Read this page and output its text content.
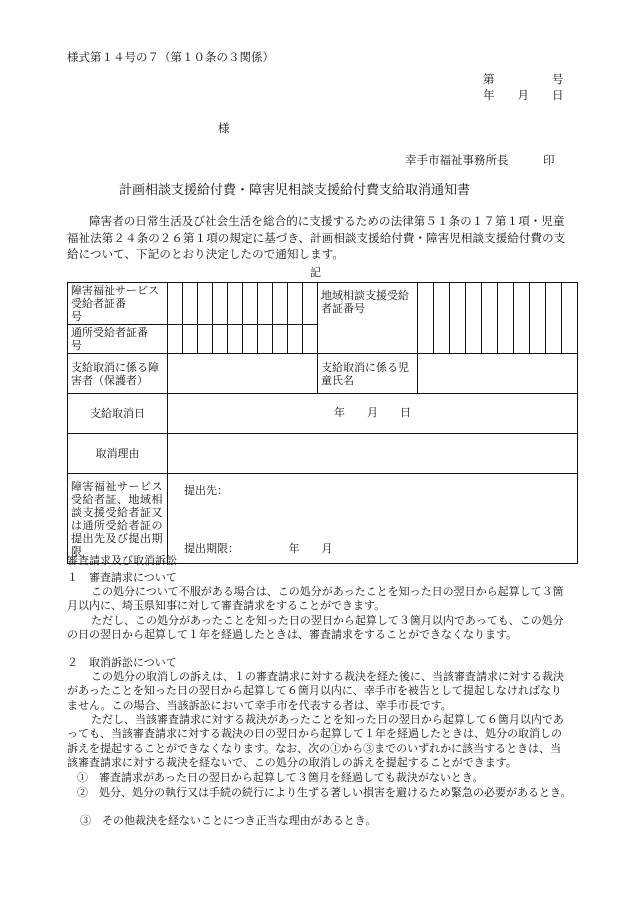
様式第１４号の７（第１０条の３関係）
第　　　　　号
年　　月　　日
様
幸手市福祉事務所長　　　印
計画相談支援給付費・障害児相談支援給付費支給取消通知書
障害者の日常生活及び社会生活を総合的に支援するための法律第５１条の１７第１項・児童福祉法第２４条の２６第１項の規定に基づき、計画相談支援給付費・障害児相談支援給付費の支給について、下記のとおり決定したので通知します。
記
障害福祉サービス受給者証番　　　号											地域相談支援受給者証番号										
通所受給者証番　　　号																					
支給取消に係る障害者（保護者）											支給取消に係る児童氏名										
支給取消日	年　　月　　日																				
取消理由																					
障害福祉サービス受給者証、地域相談支援受給者証又は通所受給者証の提出先及び提出期限	提出先：
提出期限：　　　　　年　　月																				
審査請求及び取消訴訟
１　審査請求について
この処分について不服がある場合は、この処分があったことを知った日の翌日から起算して３箇月以内に、埼玉県知事に対して審査請求をすることができます。
ただし、この処分があったことを知った日の翌日から起算して３箇月以内であっても、この処分の日の翌日から起算して１年を経過したときは、審査請求をすることができなくなります。
２　取消訴訟について
この処分の取消しの訴えは、１の審査請求に対する裁決を経た後に、当該審査請求に対する裁決があったことを知った日の翌日から起算して６箇月以内に、幸手市を被告として提起しなければなりません。この場合、当該訴訟において幸手市を代表する者は、幸手市長です。
ただし、当該審査請求に対する裁決があったことを知った日の翌日から起算して６箇月以内であっても、当該審査請求に対する裁決の日の翌日から起算して１年を経過したときは、処分の取消しの訴えを提起することができなくなります。なお、次の①から③までのいずれかに該当するときは、当該審査請求に対する裁決を経ないで、この処分の取消しの訴えを提起することができます。
①　審査請求があった日の翌日から起算して３箇月を経過しても裁決がないとき。
②　処分、処分の執行又は手続の続行により生ずる著しい損害を避けるため緊急の必要があるとき。
③　その他裁決を経ないことにつき正当な理由があるとき。
